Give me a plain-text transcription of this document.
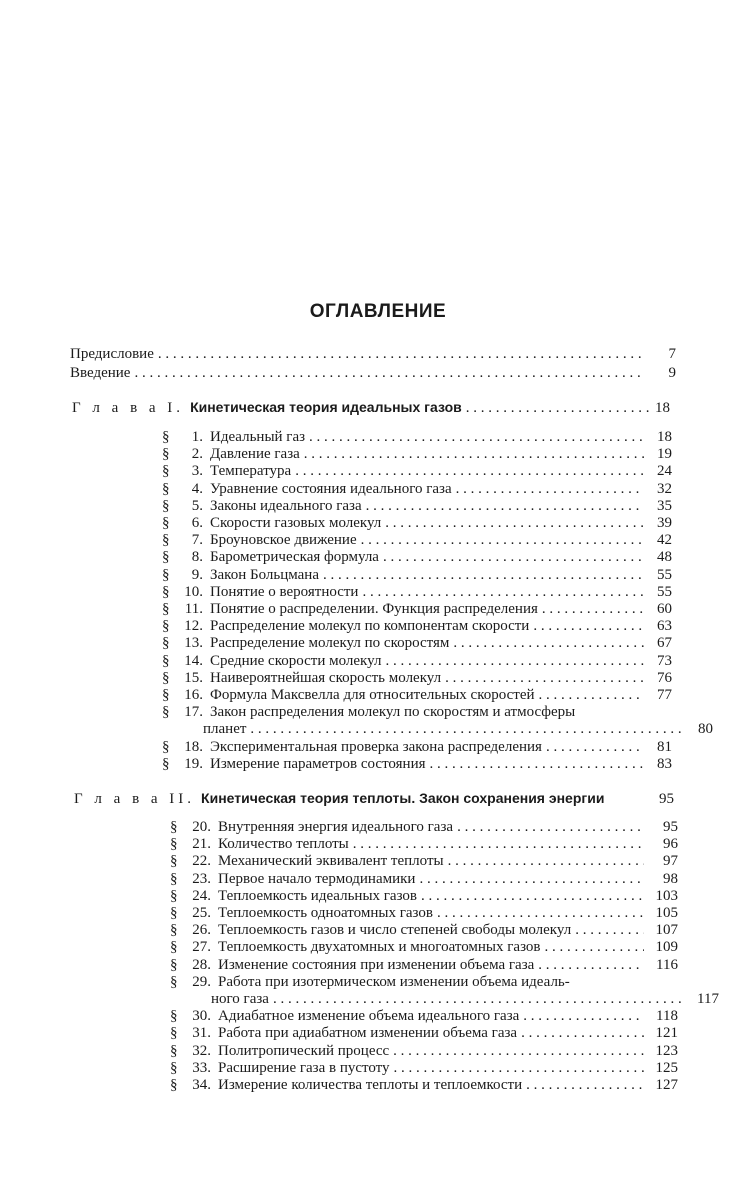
ОГЛАВЛЕНИЕ
Предисловие . . .	7
Введение . . .	9
Г л а в а I. Кинетическая теория идеальных газов . . .	18
§	1. Идеальный газ . . .	18
§	2. Давление газа . . .	19
§	3. Температура . . .	24
§	4. Уравнение состояния идеального газа . . .	32
§	5. Законы идеального газа . . .	35
§	6. Скорости газовых молекул . . .	39
§	7. Броуновское движение . . .	42
§	8. Барометрическая формула . . .	48
§	9. Закон Больцмана . . .	55
§ 10. Понятие о вероятности . . .	55
§	11. Понятие о распределении. Функция распределения . . .	60
§ 12. Распределение молекул по компонентам скорости . . .	63
§ 13. Распределение молекул по скоростям . . .	67
§ 14. Средние скорости молекул . . .	73
§ 15. Наивероятнейшая скорость молекул . . .	76
§ 16. Формула Максвелла для относительных скоростей . . .	77
§ 17. Закон распределения молекул по скоростям и атмосферы
планет . . .	80
§ 18. Экспериментальная проверка закона распределения . . .	81
§ 19. Измерение параметров состояния . . .	83
Г л а в а II. Кинетическая теория теплоты. Закон сохранения энергии	95
§ 20. Внутренняя энергия идеального газа . . .	95
§ 21. Количество теплоты . . .	96
§ 22. Механический эквивалент теплоты . . .	97
§ 23. Первое начало термодинамики . . .	98
§ 24. Теплоемкость идеальных газов . . .	103
§ 25. Теплоемкость одноатомных газов . . .	105
§ 26. Теплоемкость газов и число степеней свободы молекул . . .	107
§ 27. Теплоемкость двухатомных и многоатомных газов . . .	109
§ 28. Изменение состояния при изменении объема газа . . .	116
§ 29. Работа при изотермическом изменении объема идеаль-
ного газа . . .	117
§ 30. Адиабатное изменение объема идеального газа . . .	118
§ 31. Работа при адиабатном изменении объема газа . . .	121
§ 32. Политропический процесс . . .	123
§ 33. Расширение газа в пустоту . . .	125
§ 34. Измерение количества теплоты и теплоемкости . . .	127
